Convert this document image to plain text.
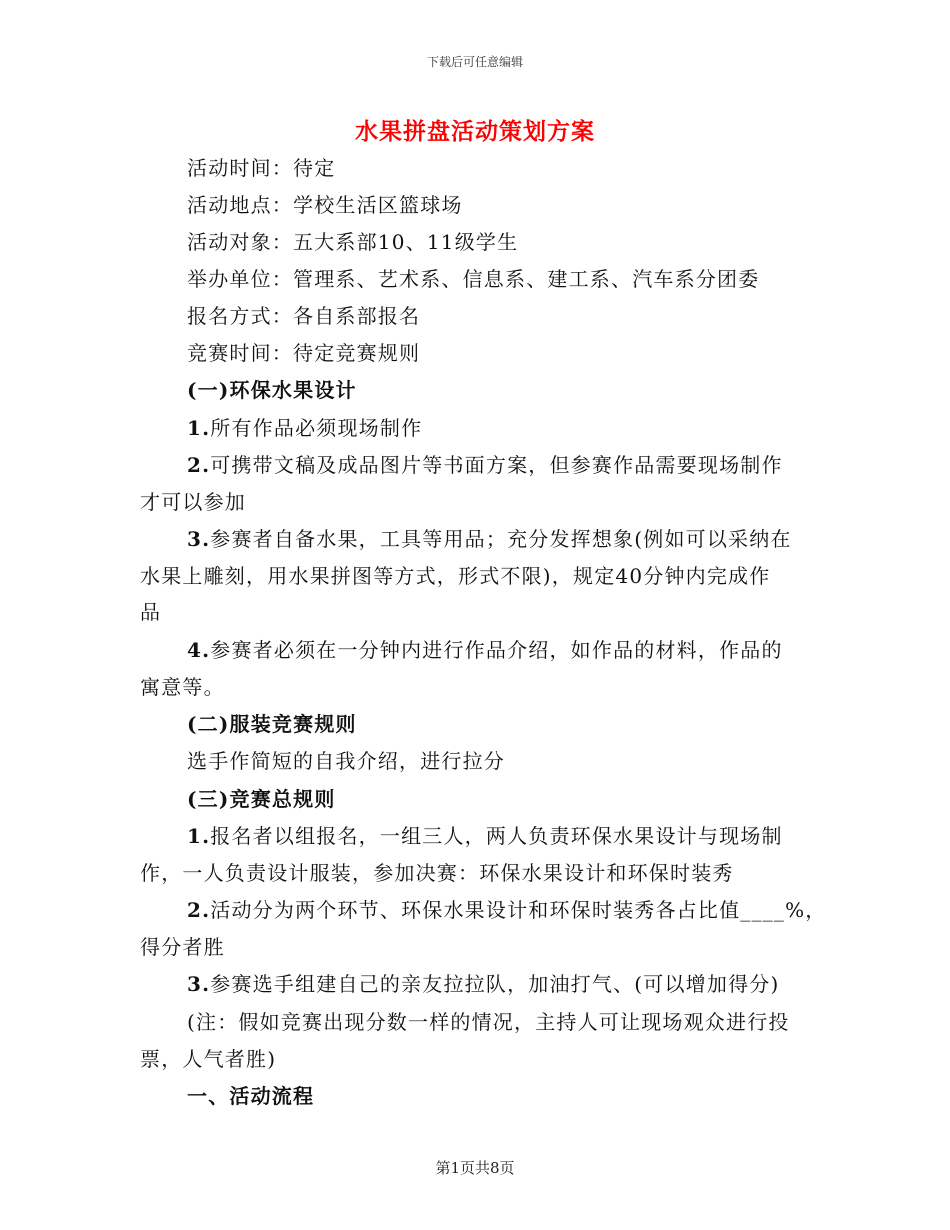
下载后可任意编辑
水果拼盘活动策划方案
活动时间：待定
活动地点：学校生活区篮球场
活动对象：五大系部10、11级学生
举办单位：管理系、艺术系、信息系、建工系、汽车系分团委
报名方式：各自系部报名
竞赛时间：待定竞赛规则
(一)环保水果设计
1.所有作品必须现场制作
2.可携带文稿及成品图片等书面方案，但参赛作品需要现场制作
才可以参加
3.参赛者自备水果，工具等用品；充分发挥想象(例如可以采纳在
水果上雕刻，用水果拼图等方式，形式不限)，规定40分钟内完成作
品
4.参赛者必须在一分钟内进行作品介绍，如作品的材料，作品的
寓意等。
(二)服装竞赛规则
选手作简短的自我介绍，进行拉分
(三)竞赛总规则
1.报名者以组报名，一组三人，两人负责环保水果设计与现场制
作，一人负责设计服装，参加决赛：环保水果设计和环保时装秀
2.活动分为两个环节、环保水果设计和环保时装秀各占比值____%，
得分者胜
3.参赛选手组建自己的亲友拉拉队，加油打气、(可以增加得分)
(注：假如竞赛出现分数一样的情况，主持人可让现场观众进行投
票，人气者胜)
一、活动流程
第1页共8页
